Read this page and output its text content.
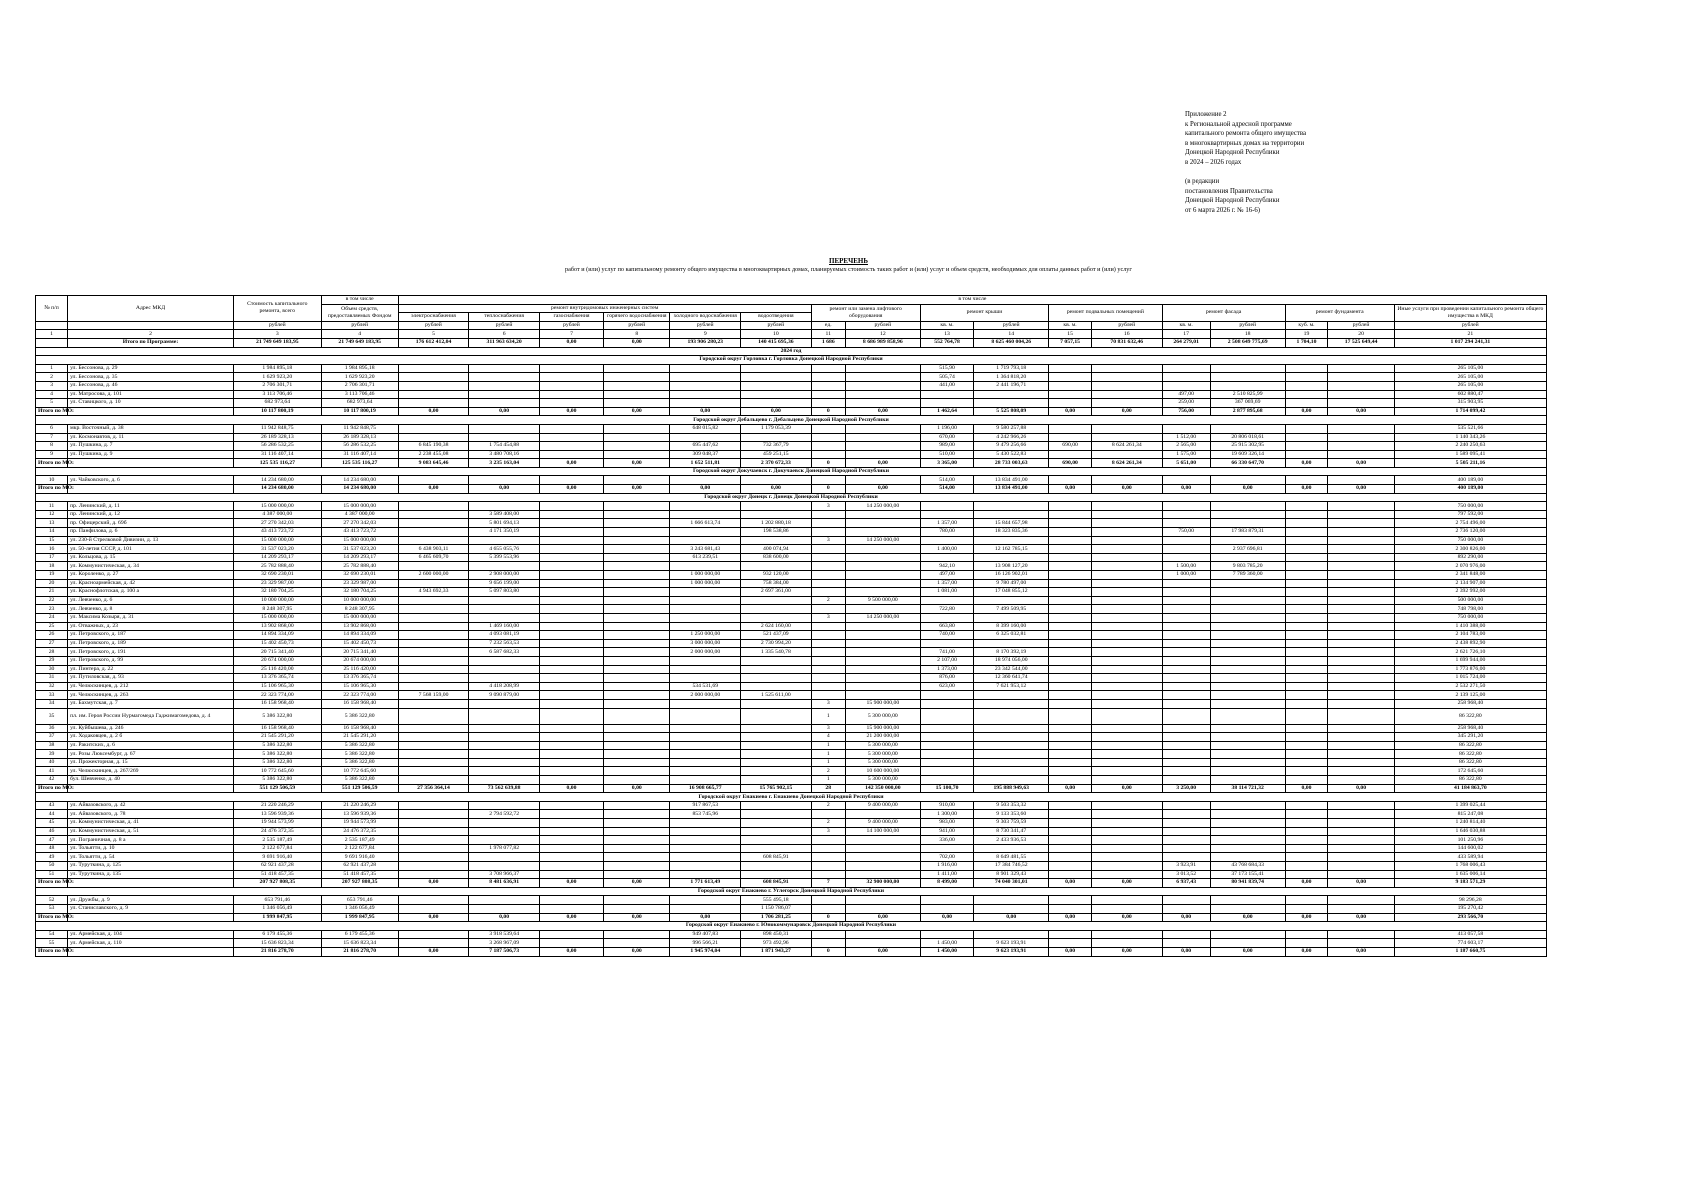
Приложение 2
к Региональной адресной программе
капитального ремонта общего имущества
в многоквартирных домах на территории
Донецкой Народной Республики
в 2024 – 2026 годах

(в редакции
постановления Правительства
Донецкой Народной Республики
от 6 марта 2026 г. № 16-6)
ПЕРЕЧЕНЬ
работ и (или) услуг по капитальному ремонту общего имущества в многоквартирных домах, планируемых стоимость таких работ и (или) услуг и объем средств, необходимых для оплаты данных работ и (или) услуг
№ п/п	Адрес МКД	Стоимость капитального ремонта, всего	в том числе	в том числе																
			Объем средств, предоставляемых Фондом	ремонт внутридомовых инженерных систем						ремонт или замена лифтового оборудования		ремонт крыши		ремонт подвальных помещений		ремонт фасада		ремонт фундамента		Иные услуги при проведении капитального ремонта общего имущества в МКД
				электроснабжения	теплоснабжения	газоснабжения	горячего водоснабжения	холодного водоснабжения	водоотведения											
		рублей	рублей	рублей	рублей	рублей	рублей	рублей	рублей	ед.	рублей	кв. м.	рублей	кв. м.	рублей	кв. м.	рублей	куб. м.	рублей	рублей
1	2	3	4	5	6	7	8	9	10	11	12	13	14	15	16	17	18	19	20	21
	Итого по Программе:	21 749 649 183,95	21 749 649 183,95	176 612 412,04	311 963 634,20	0,00	0,00	193 906 280,23	140 415 695,36	1 686	8 686 989 858,96	552 764,78	8 625 460 004,26	7 057,15	70 831 632,46	264 279,01	2 508 649 775,69	1 704,10	17 525 649,44	1 017 294 241,31
2024 год																				
Городской округ Горловка г. Горловка Донецкой Народной Республики																				
1	ул. Бессонова, д. 29	1 984 895,18	1 984 895,18									515,90	1 719 793,18							265 105,00
2	ул. Бессонова, д. 35	1 629 923,20	1 629 923,20									505,74	1 364 818,20							265 105,00
3	ул. Бессонова, д. 46	2 706 301,71	2 706 301,71									441,00	2 441 196,71							265 105,00
4	ул. Матросова, д. 101	3 113 706,46	3 113 706,46													497,00	2 510 825,99			602 880,47
5	ул. Ставицкого, д. 10	682 973,64	682 973,64													259,00	367 069,69			315 903,95
Итого по МО:		10 117 800,19	10 117 800,19	0,00	0,00	0,00	0,00	0,00	0,00	0	0,00	1 462,64	5 525 808,09	0,00	0,00	756,00	2 877 895,68	0,00	0,00	1 714 099,42
Городской округ Дебальцево г. Дебальцево Донецкой Народной Республики																				
6	мкр. Восточный, д. 38	11 942 848,75	11 942 848,75					648 015,82	1 179 053,39			1 196,00	9 580 257,88							535 521,66
7	ул. Космонавтов, д. 11	26 189 328,13	26 189 328,13									670,00	4 242 966,26			1 512,00	20 806 018,61			1 140 343,26
8	ул. Пушкина, д. 7	56 286 532,25	56 286 532,25	6 845 190,38	1 754 454,88			695 447,62	732 367,79			989,00	9 479 256,66	690,00	8 624 261,34	2 565,00	25 915 302,95			2 240 250,63
9	ул. Пушкина, д. 9	31 116 407,14	31 116 407,14	2 238 455,08	3 480 708,16			309 048,37	459 251,15			510,00	5 430 522,83			1 575,00	19 609 326,14			1 589 095,41
Итого по МО:		125 535 116,27	125 535 116,27	9 083 645,46	3 235 163,04	0,00	0,00	1 652 511,81	2 370 672,33	0	0,00	3 365,00	28 733 003,63	690,00	8 624 261,34	5 651,00	66 330 647,70	0,00	0,00	5 505 211,16
Городской округ Докучаевск г. Докучаевск Донецкой Народной Республики																				
10	ул. Чайковского, д. 6	14 234 680,00	14 234 680,00									514,00	13 834 491,00							400 189,00
Итого по МО:		14 234 680,00	14 234 680,00	0,00	0,00	0,00	0,00	0,00	0,00	0	0,00	514,00	13 834 491,00	0,00	0,00	0,00	0,00	0,00	0,00	400 189,00
Городской округ Донецк г. Донецк Донецкой Народной Республики																				
11	пр. Ленинский, д. 11	15 000 000,00	15 000 000,00							3	14 250 000,00									750 000,00
12	пр. Ленинский, д. 12	4 387 000,00	4 387 000,00		3 589 408,00															797 592,00
13	пр. Офицерский, д. 69б	27 270 342,03	27 270 342,03		5 801 694,13			1 666 613,74	1 202 880,18			1 357,00	15 844 657,98							2 754 496,00
14	пр. Панфилова, д. 6	43 413 723,72	43 413 723,72		4 171 350,19				198 538,86			780,00	18 323 835,36			750,00	17 983 879,31			2 736 120,00
15	ул. 230-й Стрелковой Дивизии, д. 13	15 000 000,00	15 000 000,00							3	14 250 000,00									750 000,00
16	ул. 50-летия СССР, д. 101	31 537 023,20	31 537 023,20	6 438 903,11	4 655 055,76			3 243 681,43	400 074,94			1 400,00	12 162 785,15				2 937 696,81			2 300 826,00
17	ул. Кольцова, д. 15	14 209 293,17	14 209 293,17	6 465 609,70	5 399 553,96			613 239,51	838 600,00											892 290,00
18	ул. Коммунистическая, д. 34	25 782 888,40	25 782 888,40									942,10	13 908 127,20			1 500,00	9 803 785,20			2 070 976,00
19	ул. Короленко, д. 27	32 690 230,01	32 690 230,01	2 600 000,00	2 908 000,00			1 000 000,00	932 120,00			497,00	16 126 902,01			1 000,00	7 789 360,00			2 341 848,00
20	ул. Красноармейская, д. 42	23 329 987,00	23 329 987,00		9 656 199,00			1 000 000,00	758 384,00			1 357,00	9 780 497,00							2 134 907,00
21	ул. Краснофлотская, д. 100 а	32 180 704,25	32 180 704,25	4 943 692,33	5 097 803,80				2 697 361,00			1 081,00	17 048 855,12							2 392 992,00
22	ул. Левченко, д. 6	10 000 000,00	10 000 000,00							2	9 500 000,00									500 000,00
23	ул. Левченко, д. 8	8 248 307,95	8 248 307,95									722,80	7 499 509,95							748 798,00
24	ул. Максима Козыря, д. 31	15 000 000,00	15 000 000,00							3	14 250 000,00									750 000,00
25	ул. Отважных, д. 23	13 902 868,00	13 902 868,00		1 469 160,00				2 624 160,00			663,80	8 399 160,00							1 410 388,00
26	ул. Петровского, д. 187	14 894 334,09	14 894 334,09		4 093 081,19			1 250 000,00	521 437,09			740,00	6 325 032,81							2 104 783,00
27	ул. Петровского, д. 189	15 402 450,73	15 402 450,73		7 232 563,53			3 000 000,00	2 730 994,20											2 438 892,90
28	ул. Петровского, д. 191	20 715 341,40	20 715 341,40		6 587 682,33			2 000 000,00	1 335 540,78			741,00	8 170 392,19							2 621 726,10
29	ул. Петровского, д. 99	20 674 000,00	20 674 000,00									2 107,00	18 974 056,00							1 699 944,00
30	ул. Пинтера, д. 22	25 116 420,00	25 116 420,00									1 373,00	23 342 544,00							1 773 876,00
31	ул. Путиловская, д. 93	13 376 365,74	13 376 365,74									876,00	12 360 641,74							1 015 724,00
32	ул. Челюскинцев, д. 212	15 106 965,30	15 106 965,30		4 418 208,99			534 531,69				623,00	7 621 953,12							2 532 271,50
33	ул. Челюскинцев, д. 263	22 323 774,00	22 323 774,00	7 568 159,00	9 090 879,00			2 000 000,00	1 525 611,00											2 139 125,00
34	ул. Бахмутская, д. 7	16 158 968,40	16 158 968,40							3	15 900 000,00									258 968,40
35	пл. им. Героя России Нурмагомеда Гаджимагомедова, д. 4	5 386 322,80	5 386 322,80							1	5 300 000,00									86 322,80
36	ул. Куйбышева, д. 246	16 158 968,40	16 158 968,40							3	15 900 000,00									258 968,40
37	ул. Ходаковцев, д. 2 б	21 545 291,20	21 545 291,20							4	21 200 000,00									345 291,20
38	ул. Ракитских, д. 6	5 386 322,80	5 386 322,80							1	5 300 000,00									86 322,80
39	ул. Розы Люксембург, д. 67	5 386 322,80	5 386 322,80							1	5 300 000,00									86 322,80
40	ул. Прожекторная, д. 15	5 386 322,80	5 386 322,80							1	5 300 000,00									86 322,80
41	ул. Челюскинцев, д. 267/269	10 772 645,60	10 772 645,60							2	10 600 000,00									172 645,60
42	бул. Шевченко, д. 40	5 386 322,80	5 386 322,80							1	5 300 000,00									86 322,80
Итого по МО:		551 129 506,59	551 129 506,59	27 356 364,14	73 562 639,88	0,00	0,00	16 908 665,77	15 765 902,15	28	142 350 000,00	15 100,70	195 888 949,63	0,00	0,00	3 250,00	38 114 721,32	0,00	0,00	41 184 863,70
Городской округ Енакиево г. Енакиево Донецкой Народной Республики																				
43	ул. Айвазовского, д. 42	21 220 246,29	21 220 246,29					917 867,53		2	9 400 000,00	910,00	9 503 353,32							1 399 025,44
44	ул. Айвазовского, д. 78	13 596 939,36	13 596 939,36		2 794 592,72			853 745,96				1 300,00	9 133 353,60							815 247,08
45	ул. Коммунистическая, д. 41	19 944 573,99	19 944 573,99							2	9 400 000,00	983,00	9 303 759,59							1 240 814,40
46	ул. Коммунистическая, д. 51	24 476 372,35	24 476 372,35							3	14 100 000,00	941,00	8 730 341,47							1 646 030,88
47	ул. Пограничная, д. 8 а	2 535 187,49	2 535 187,49									336,00	2 433 936,53							101 250,96
48	ул. Тольятти, д. 10	2 122 677,84	2 122 677,84		1 978 077,82															144 600,02
49	ул. Тольятти, д. 54	9 691 916,40	9 691 916,40						608 845,91			702,00	8 649 481,55							433 589,94
50	ул. Туруткина, д. 125	62 921 437,28	62 921 437,28									1 916,00	17 384 746,52			3 923,91	43 768 684,33			1 768 006,43
51	ул. Туруткина, д. 135	51 418 457,35	51 418 457,35		3 708 966,37							1 411,00	8 901 329,43			3 013,52	37 173 155,41			1 635 006,14
Итого по МО:		207 927 808,35	207 927 808,35	0,00	8 481 636,91	0,00	0,00	1 771 613,49	608 845,91	7	32 900 000,00	8 499,00	74 040 301,01	0,00	0,00	6 937,43	80 941 839,74	0,00	0,00	9 183 571,29
Городской округ Енакиево г. Углегорск Донецкой Народной Республики																				
52	ул. Дружбы, д. 9	653 791,46	653 791,46						555 495,18											98 296,28
53	ул. Станиславского, д. 9	1 346 056,49	1 346 056,49						1 150 786,07											195 270,42
Итого по МО:		1 999 847,95	1 999 847,95	0,00	0,00	0,00	0,00	0,00	1 706 281,25	0	0,00	0,00	0,00	0,00	0,00	0,00	0,00	0,00	0,00	293 566,70
Городской округ Енакиево г. Юнокоммунаровск Донецкой Народной Республики																				
54	ул. Армейская, д. 104	6 179 455,36	6 179 455,36		3 918 539,64			949 407,83	898 450,31											413 057,58
55	ул. Армейская, д. 110	15 636 823,34	15 636 823,34		3 268 967,09			996 566,21	973 492,96			1 450,00	9 623 193,91							774 603,17
Итого по МО:		21 816 278,70	21 816 278,70	0,00	7 187 506,73	0,00	0,00	1 945 974,04	1 871 943,27	0	0,00	1 450,00	9 623 193,91	0,00	0,00	0,00	0,00	0,00	0,00	1 187 660,75
